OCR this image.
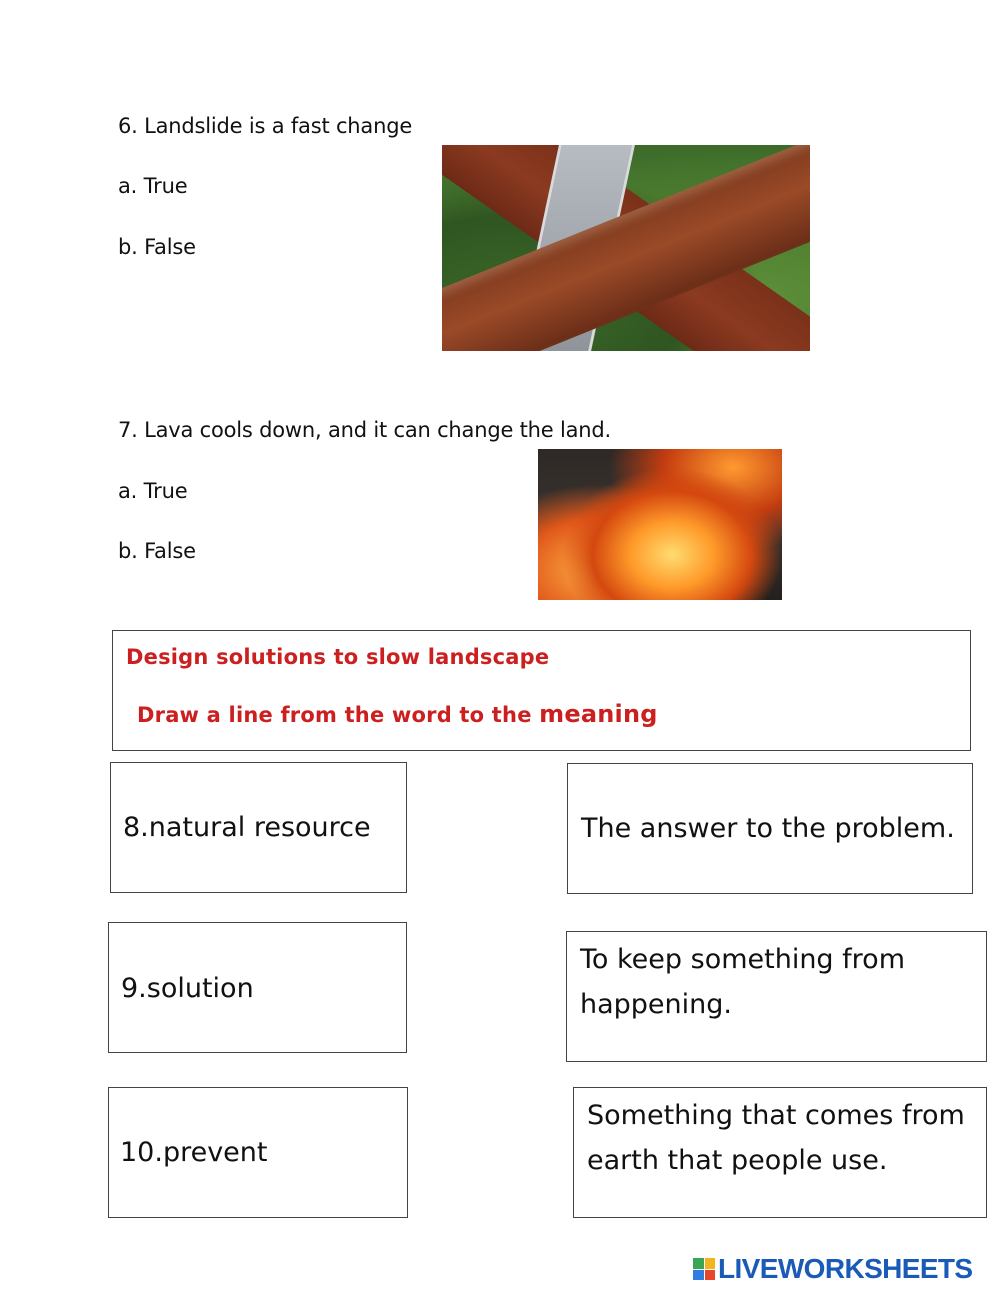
6. Landslide is a fast change
a. True
b. False
7. Lava cools down, and it can change the land.
a. True
b. False
Design solutions to slow landscape
Draw a line from the word to the meaning
8.natural resource
9.solution
10.prevent
The answer to the problem.
To keep something from
happening.
Something that comes from
earth that people use.
LIVEWORKSHEETS
